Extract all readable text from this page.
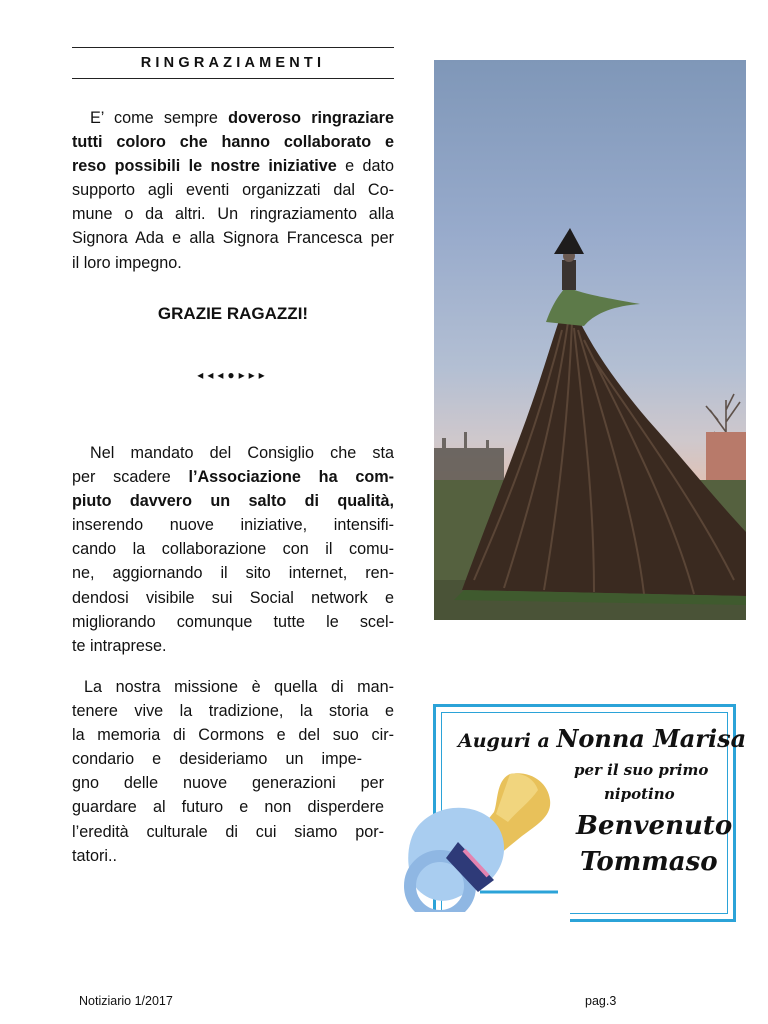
RINGRAZIAMENTI
E’ come sempre doveroso ringraziare
tutti coloro che hanno collaborato e
reso possibili le nostre iniziative e dato
supporto agli eventi organizzati dal Co-
mune o da altri. Un ringraziamento alla
Signora Ada e alla Signora Francesca per
il loro impegno.
GRAZIE RAGAZZI!
◂◂◂●▸▸▸
Nel mandato del Consiglio che sta
per scadere l’Associazione ha com-
piuto davvero un salto di qualità,
inserendo nuove iniziative, intensifi-
cando la collaborazione con il comu-
ne, aggiornando il sito internet, ren-
dendosi visibile sui Social network e
migliorando comunque tutte le scel-
te intraprese.
La nostra missione è quella di man-
tenere vive la tradizione, la storia e
la memoria di Cormons e del suo cir-
condario e desideriamo un impe-
gno delle nuove generazioni per
guardare al futuro e non disperdere
l’eredità culturale di cui siamo por-
tatori..
Auguri a Nonna Marisa
per il suo primo
nipotino
Benvenuto
Tommaso
Notiziario 1/2017	pag.3
